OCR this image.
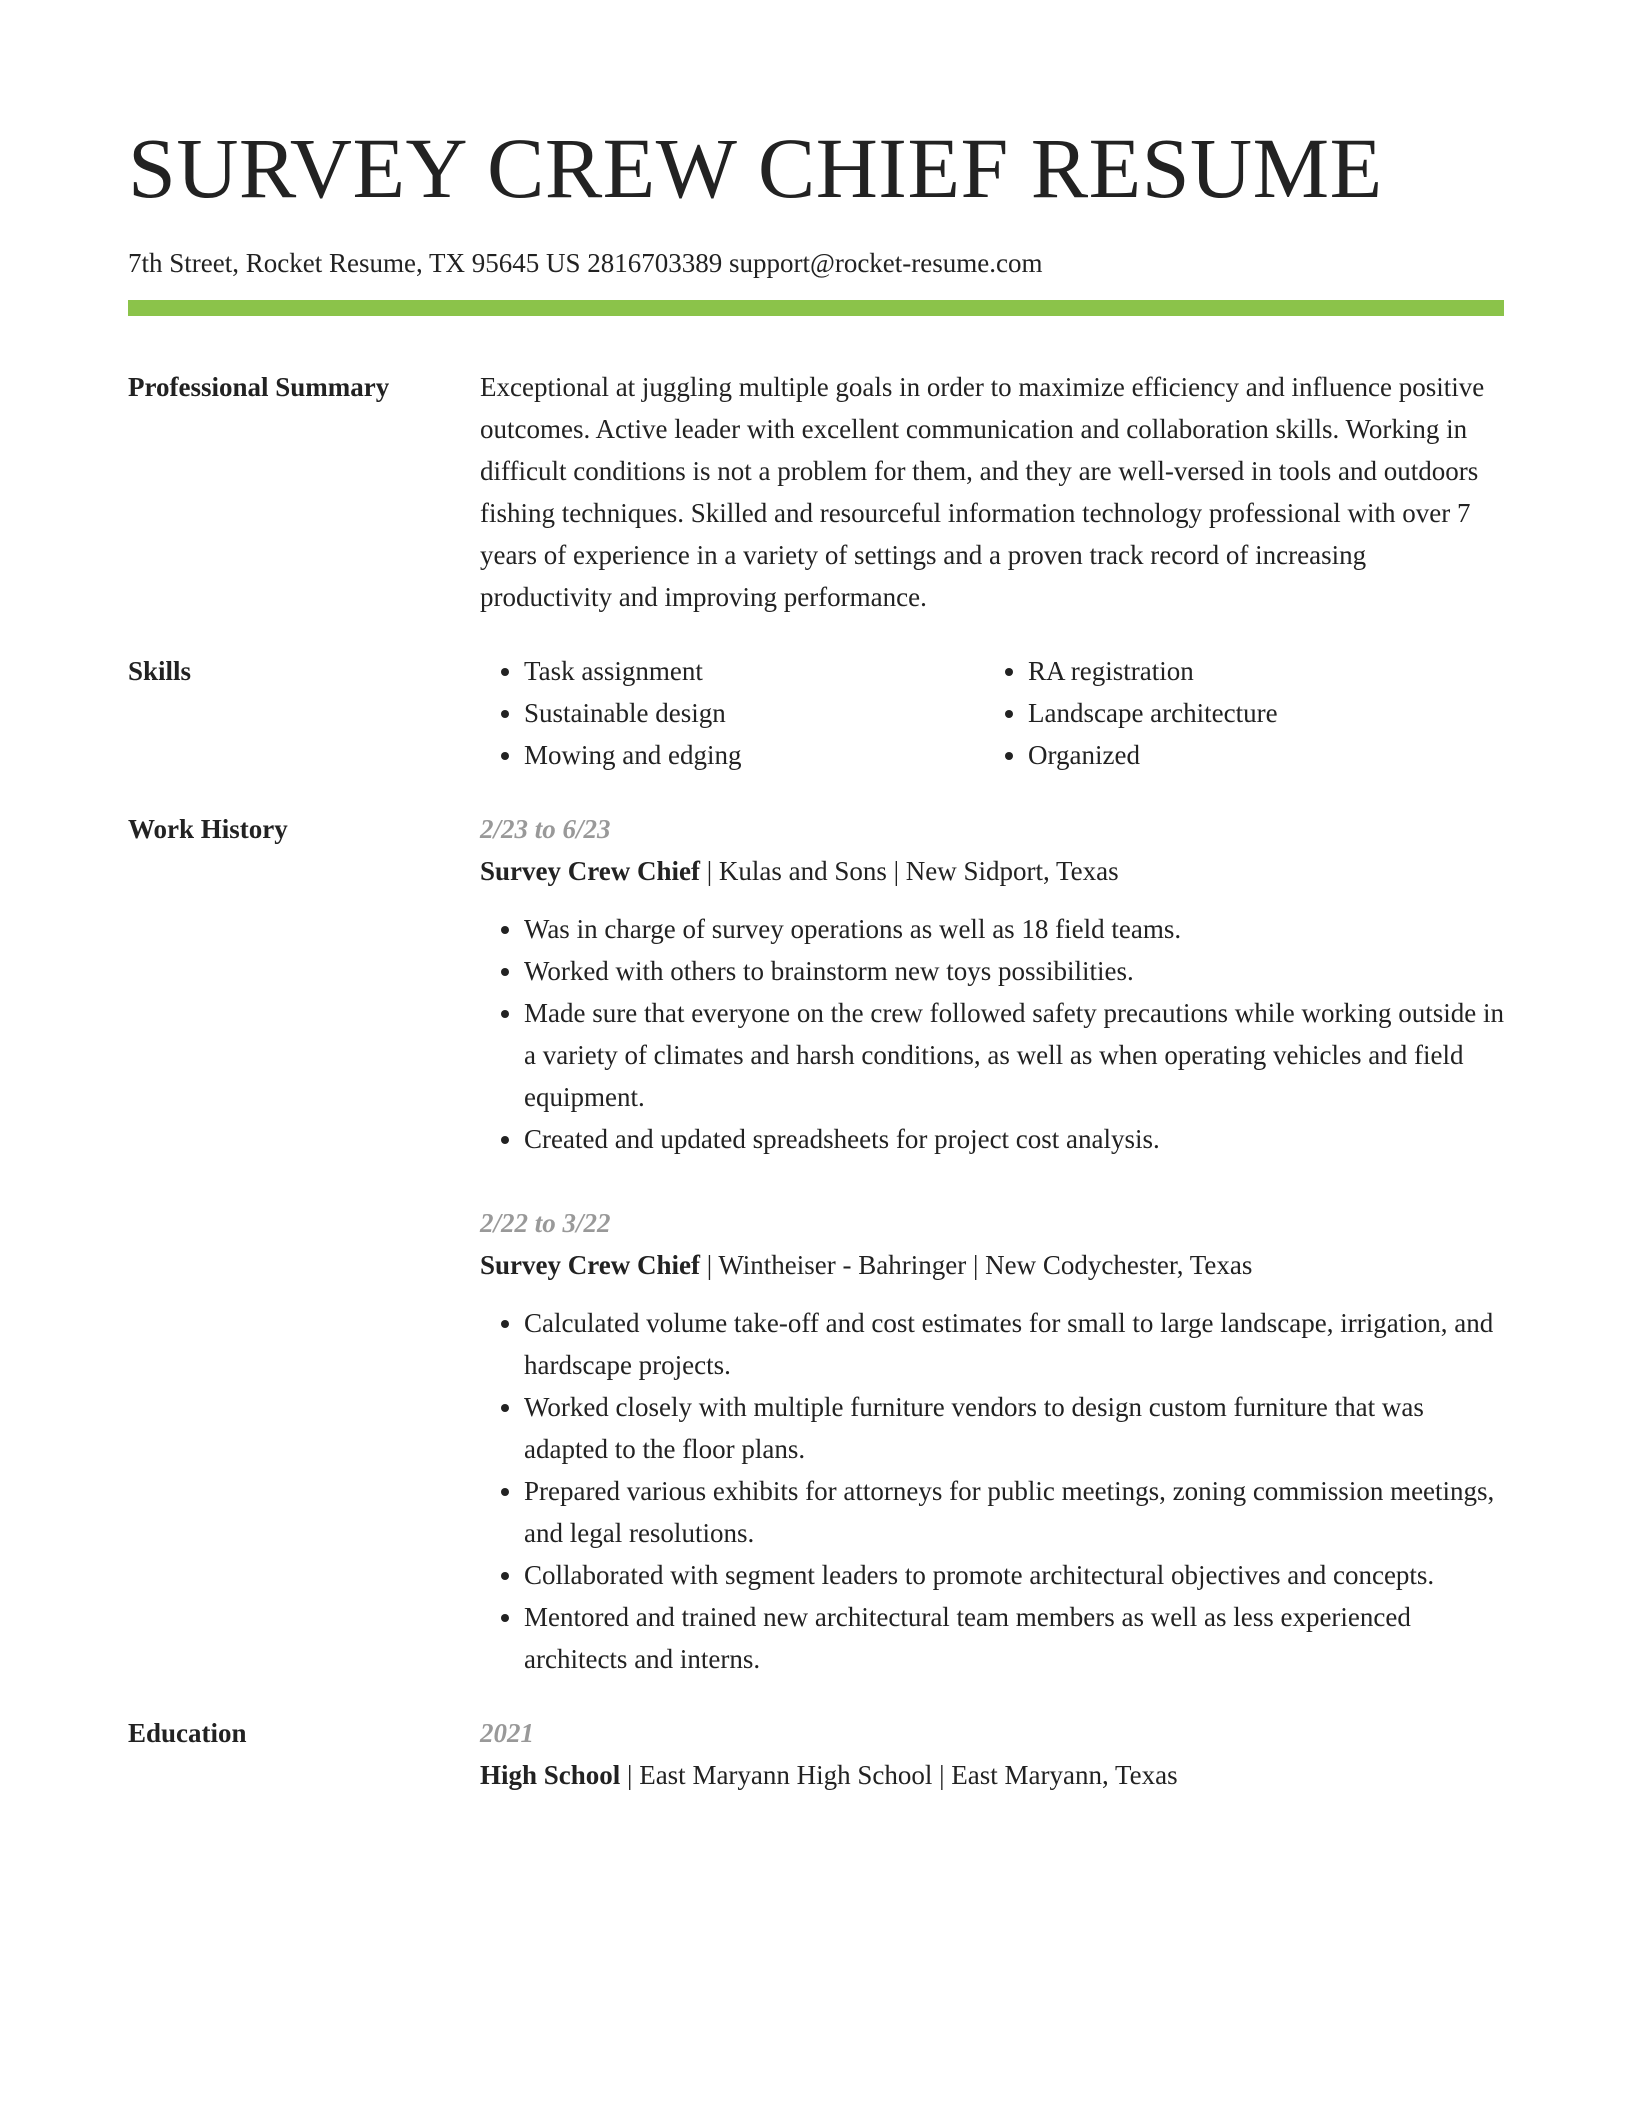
SURVEY CREW CHIEF RESUME
7th Street, Rocket Resume, TX 95645 US 2816703389 support@rocket-resume.com
Professional Summary	Exceptional at juggling multiple goals in order to maximize efficiency and influence positive outcomes. Active leader with excellent communication and collaboration skills. Working in difficult conditions is not a problem for them, and they are well-versed in tools and outdoors fishing techniques. Skilled and resourceful information technology professional with over 7 years of experience in a variety of settings and a proven track record of increasing productivity and improving performance.

Skills
•	Task assignment
• Sustainable design
• Mowing and edging
• RA registration
• Landscape architecture
• Organized
Work History	2/23 to 6/23
Survey Crew Chief | Kulas and Sons | New Sidport, Texas
• Was in charge of survey operations as well as 18 field teams.
• Worked with others to brainstorm new toys possibilities.
• Made sure that everyone on the crew followed safety precautions while working outside in a variety of climates and harsh conditions, as well as when operating vehicles and field equipment.
• Created and updated spreadsheets for project cost analysis.
2/22 to 3/22
Survey Crew Chief | Wintheiser - Bahringer | New Codychester, Texas
• Calculated volume take-off and cost estimates for small to large landscape, irrigation, and hardscape projects.
• Worked closely with multiple furniture vendors to design custom furniture that was adapted to the floor plans.
• Prepared various exhibits for attorneys for public meetings, zoning commission meetings, and legal resolutions.
• Collaborated with segment leaders to promote architectural objectives and concepts.
• Mentored and trained new architectural team members as well as less experienced architects and interns.
Education	2021
High School | East Maryann High School | East Maryann, Texas
